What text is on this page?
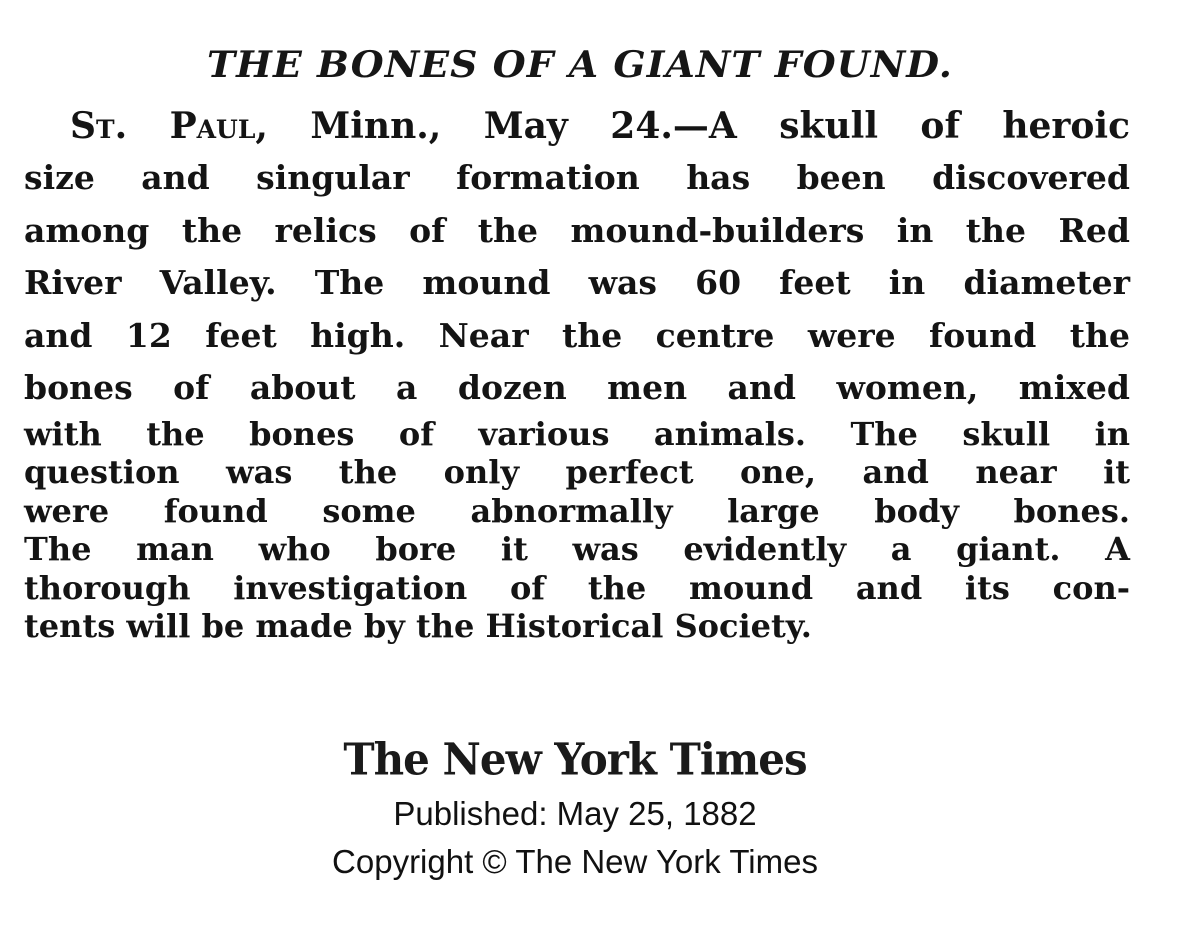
THE BONES OF A GIANT FOUND.
St. Paul, Minn., May 24.—A skull of heroic
size and singular formation has been discovered
among the relics of the mound-builders in the Red
River Valley. The mound was 60 feet in diameter
and 12 feet high. Near the centre were found the
bones of about a dozen men and women, mixed
with the bones of various animals. The skull in
question was the only perfect one, and near it
were found some abnormally large body bones.
The man who bore it was evidently a giant. A
thorough investigation of the mound and its con-
tents will be made by the Historical Society.
The New York Times
Published: May 25, 1882
Copyright © The New York Times
